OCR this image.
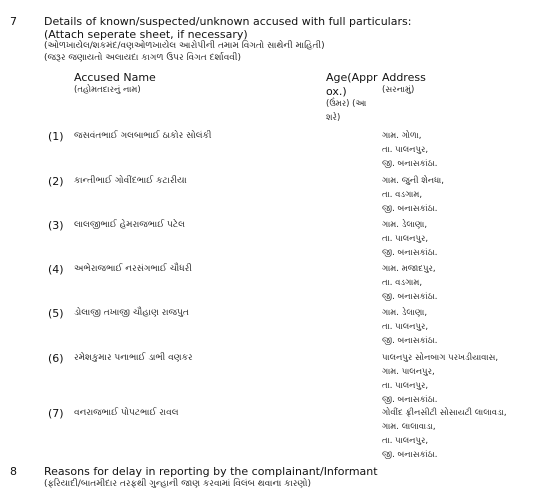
7 Details of known/suspected/unknown accused with full particulars:
(Attach seperate sheet, if necessary)
(ઓળખાયેલ/શકમંદ/વણઓળખાયેલ આરોપીની તમામ વિગતો સાથેની માહિતી)
(જરૂર જણાયતો અલાયદા કાગળ ઉપર વિગત દર્શાવવી)
Accused Name
(તહોમતદારનું નામ)
Age(Appr
ox.)
(ઉંમર) (આ
શરે)
Address
(સરનામું)
(1) જસવંતભાઈ ગલબાભાઈ ઠાકોર સોલંકી	ગામ. ગોળા,
તા. પાલનપુર,
જી. બનાસકાંઠા.
(2) કાન્તીભાઈ ગોવીંદભાઈ કટારીયા	ગામ. જુની શેનધા,
તા. વડગામ,
જી. બનાસકાંઠા.
(3) લાલજીભાઈ હેમરાજભાઈ પટેલ	ગામ. ડેલાણા,
તા. પાલનપુર,
જી. બનાસકાંઠા.
(4) અભેરાજભાઈ નરસંગભાઈ ચૌધરી	ગામ. મજાદપુર,
તા. વડગામ,
જી. બનાસકાંઠા.
(5) ડોલાજી તખાજી ચૌહાણ રાજપુત	ગામ. ડેલાણા,
તા. પાલનપુર,
જી. બનાસકાંઠા.
(6) રમેશકુમાર પનાભાઈ ડાભી વણકર	પાલનપુર સોનબાગ પરખડીયાવાસ,
ગામ. પાલનપુર,
તા. પાલનપુર,
જી. બનાસકાંઠા.
(7) વનરાજભાઈ પોપટભાઈ રાવલ	ગોવીંદ ફ્રીનસીટી સોસાયટી લાલાવડા,
ગામ. લાલાવાડા,
તા. પાલનપુર,
જી. બનાસકાંઠા.
8 Reasons for delay in reporting by the complainant/Informant
(ફરિયાદી/બાતમીદાર તરફથી ગુન્હાની જાણ કરવામાં વિલંબ થવાના કારણો)
